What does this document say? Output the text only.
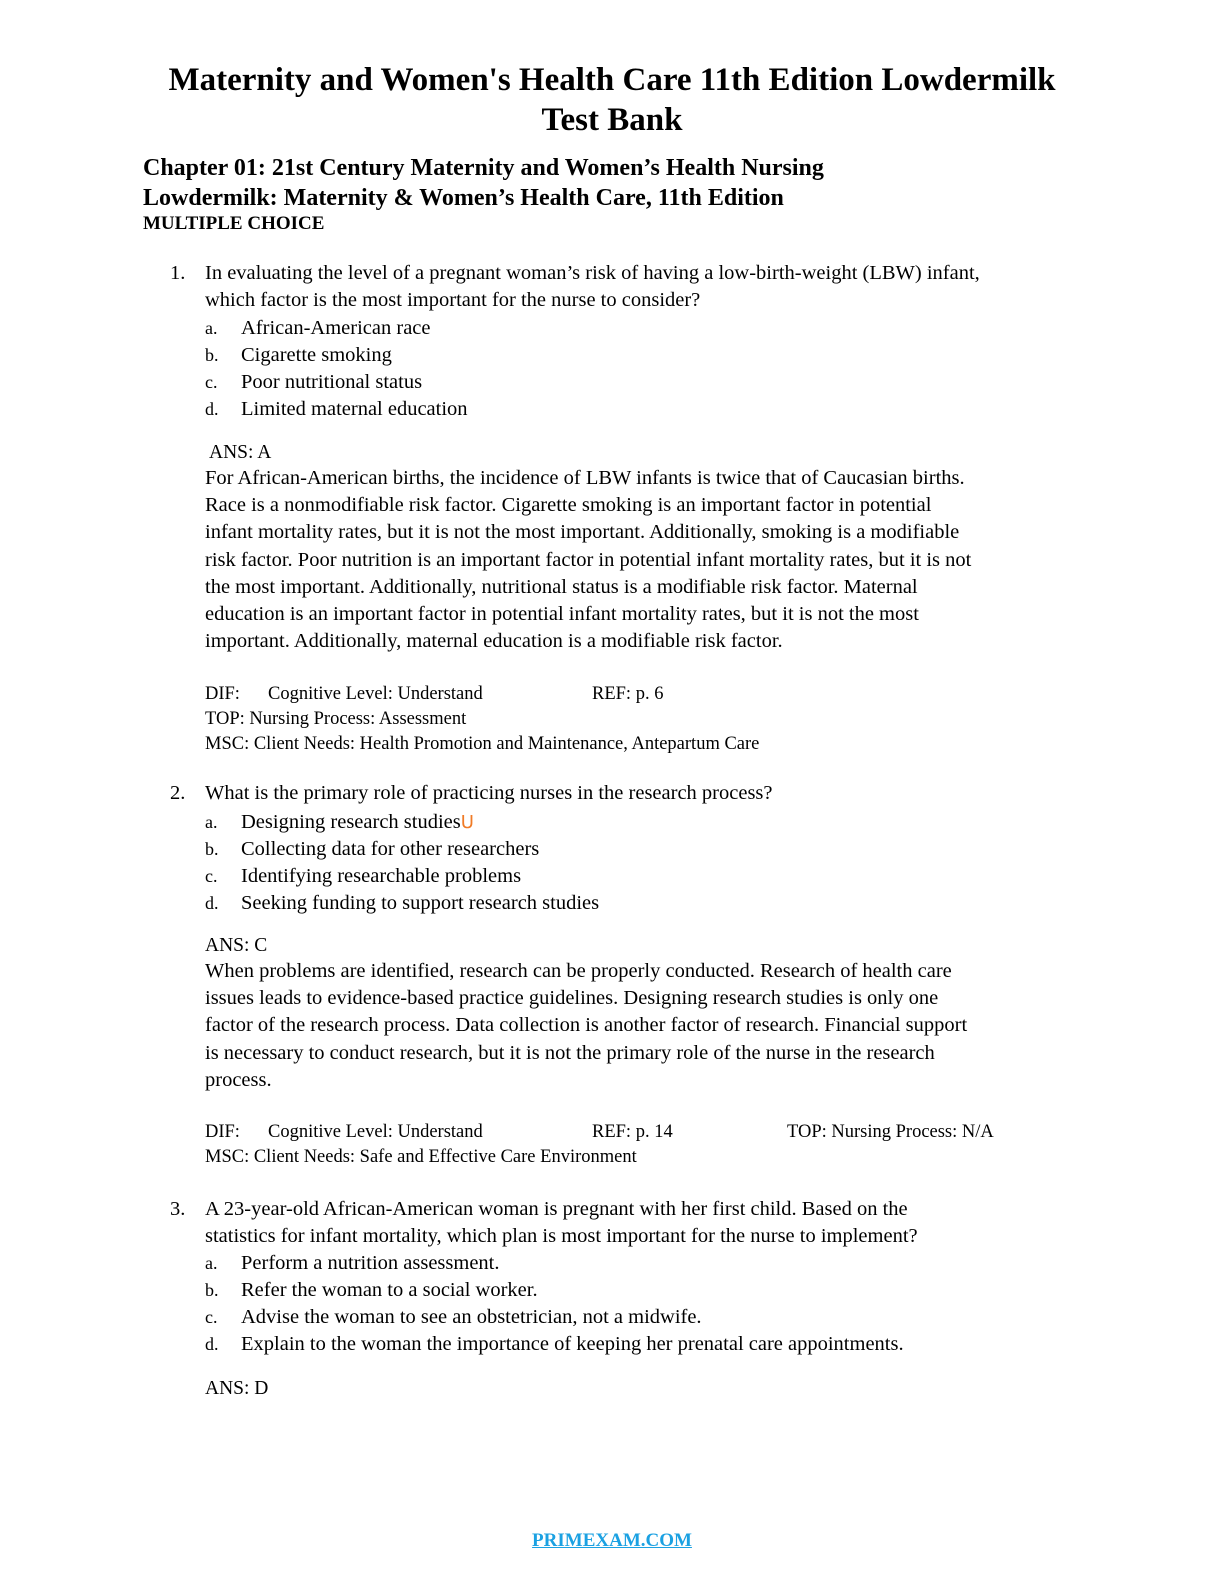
Maternity and Women's Health Care 11th Edition Lowdermilk
Test Bank
Chapter 01: 21st Century Maternity and Women’s Health Nursing
Lowdermilk: Maternity & Women’s Health Care, 11th Edition
MULTIPLE CHOICE
1. In evaluating the level of a pregnant woman’s risk of having a low-birth-weight (LBW) infant,
which factor is the most important for the nurse to consider?
a. African-American race
b. Cigarette smoking
c. Poor nutritional status
d. Limited maternal education
ANS: A
For African-American births, the incidence of LBW infants is twice that of Caucasian births.
Race is a nonmodifiable risk factor. Cigarette smoking is an important factor in potential
infant mortality rates, but it is not the most important. Additionally, smoking is a modifiable
risk factor. Poor nutrition is an important factor in potential infant mortality rates, but it is not
the most important. Additionally, nutritional status is a modifiable risk factor. Maternal
education is an important factor in potential infant mortality rates, but it is not the most
important. Additionally, maternal education is a modifiable risk factor.
DIF: Cognitive Level: Understand	REF: p. 6
TOP: Nursing Process: Assessment
MSC: Client Needs: Health Promotion and Maintenance, Antepartum Care
2. What is the primary role of practicing nurses in the research process?
a. Designing research studiesU
b. Collecting data for other researchers
c. Identifying researchable problems
d. Seeking funding to support research studies
ANS: C
When problems are identified, research can be properly conducted. Research of health care
issues leads to evidence-based practice guidelines. Designing research studies is only one
factor of the research process. Data collection is another factor of research. Financial support
is necessary to conduct research, but it is not the primary role of the nurse in the research
process.
DIF: Cognitive Level: Understand	REF: p. 14	TOP: Nursing Process: N/A
MSC: Client Needs: Safe and Effective Care Environment
3. A 23-year-old African-American woman is pregnant with her first child. Based on the
statistics for infant mortality, which plan is most important for the nurse to implement?
a. Perform a nutrition assessment.
b. Refer the woman to a social worker.
c. Advise the woman to see an obstetrician, not a midwife.
d. Explain to the woman the importance of keeping her prenatal care appointments.
ANS: D
PRIMEXAM.COM
